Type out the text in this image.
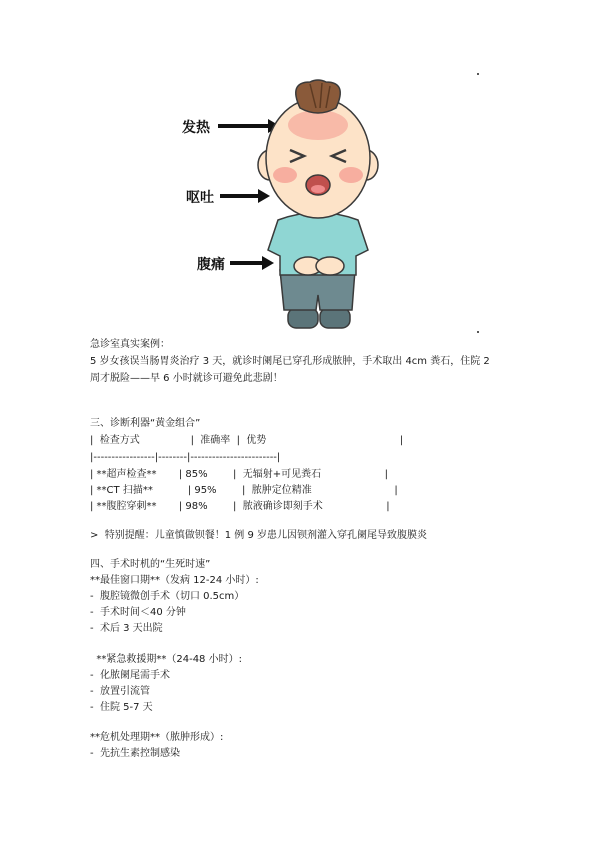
发热
呕吐
腹痛

急诊室真实案例：

5 岁女孩误当肠胃炎治疗 3 天，就诊时阑尾已穿孔形成脓肿，手术取出 4cm 粪石，住院 2

周才脱险——早 6 小时就诊可避免此悲剧！

三、诊断利器“黄金组合”

|  检查方式                |  准确率  |  优势                                          |

|-----------------|--------|------------------------|

| **超声检查**       | 85%        |  无辐射+可见粪石                    |

| **CT 扫描**           | 95%        |  脓肿定位精准                          |

| **腹腔穿刺**       | 98%        |  脓液确诊即刻手术                    |

>  特别提醒：儿童慎做钡餐！1 例 9 岁患儿因钡剂灌入穿孔阑尾导致腹膜炎

四、手术时机的“生死时速”

**最佳窗口期**（发病 12-24 小时）:

-  腹腔镜微创手术（切口 0.5cm）

-  手术时间＜40 分钟

-  术后 3 天出院

**紧急救援期**（24-48 小时）:

-  化脓阑尾需手术

-  放置引流管

-  住院 5-7 天

**危机处理期**（脓肿形成）:

-  先抗生素控制感染
